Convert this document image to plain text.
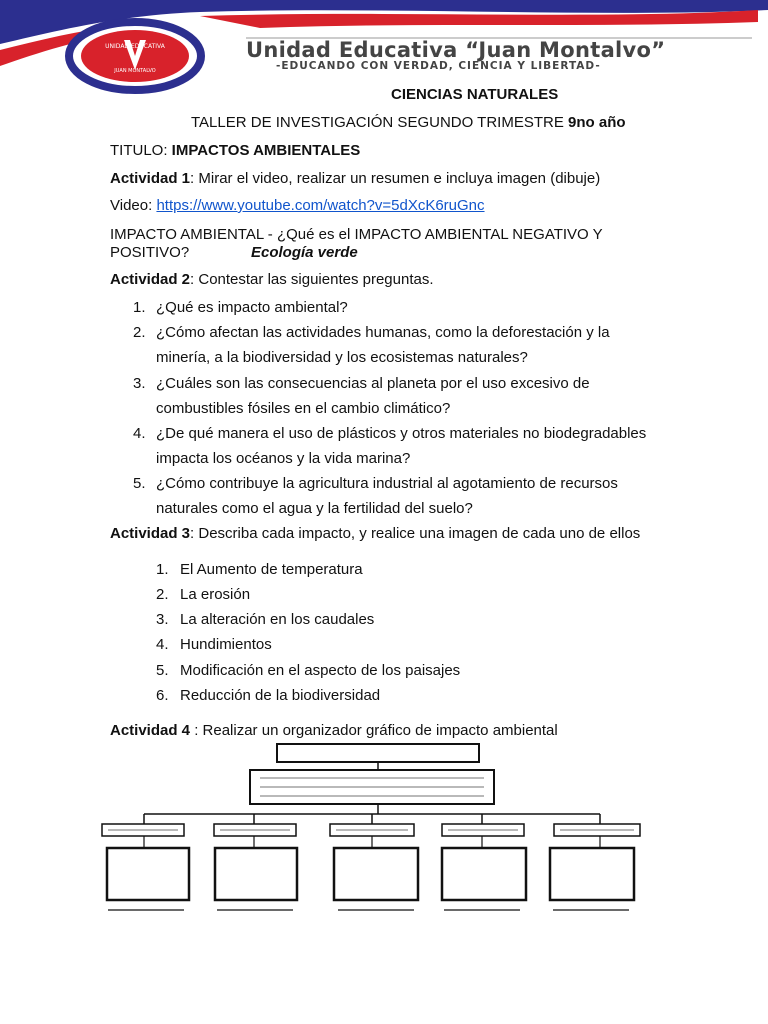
UNIDAD EDUCATIVA
JUAN MONTALVO
Unidad Educativa “Juan Montalvo”
-EDUCANDO CON VERDAD, CIENCIA Y LIBERTAD-
CIENCIAS NATURALES
TALLER DE INVESTIGACIÓN SEGUNDO TRIMESTRE 9no año
TITULO: IMPACTOS AMBIENTALES
Actividad 1: Mirar el video, realizar un resumen e incluya imagen (dibuje)
Video: https://www.youtube.com/watch?v=5dXcK6ruGnc
IMPACTO AMBIENTAL - ¿Qué es el IMPACTO AMBIENTAL NEGATIVO Y
POSITIVO?	Ecología verde
Actividad 2: Contestar las siguientes preguntas.
1. ¿Qué es impacto ambiental?
2. ¿Cómo afectan las actividades humanas, como la deforestación y la
minería, a la biodiversidad y los ecosistemas naturales?
3. ¿Cuáles son las consecuencias al planeta por el uso excesivo de
combustibles fósiles en el cambio climático?
4. ¿De qué manera el uso de plásticos y otros materiales no biodegradables
impacta los océanos y la vida marina?
5. ¿Cómo contribuye la agricultura industrial al agotamiento de recursos
naturales como el agua y la fertilidad del suelo?
Actividad 3: Describa cada impacto, y realice una imagen de cada uno de ellos
1. El Aumento de temperatura
2. La erosión
3. La alteración en los caudales
4. Hundimientos
5. Modificación en el aspecto de los paisajes
6. Reducción de la biodiversidad
Actividad 4 : Realizar un organizador gráfico de impacto ambiental
